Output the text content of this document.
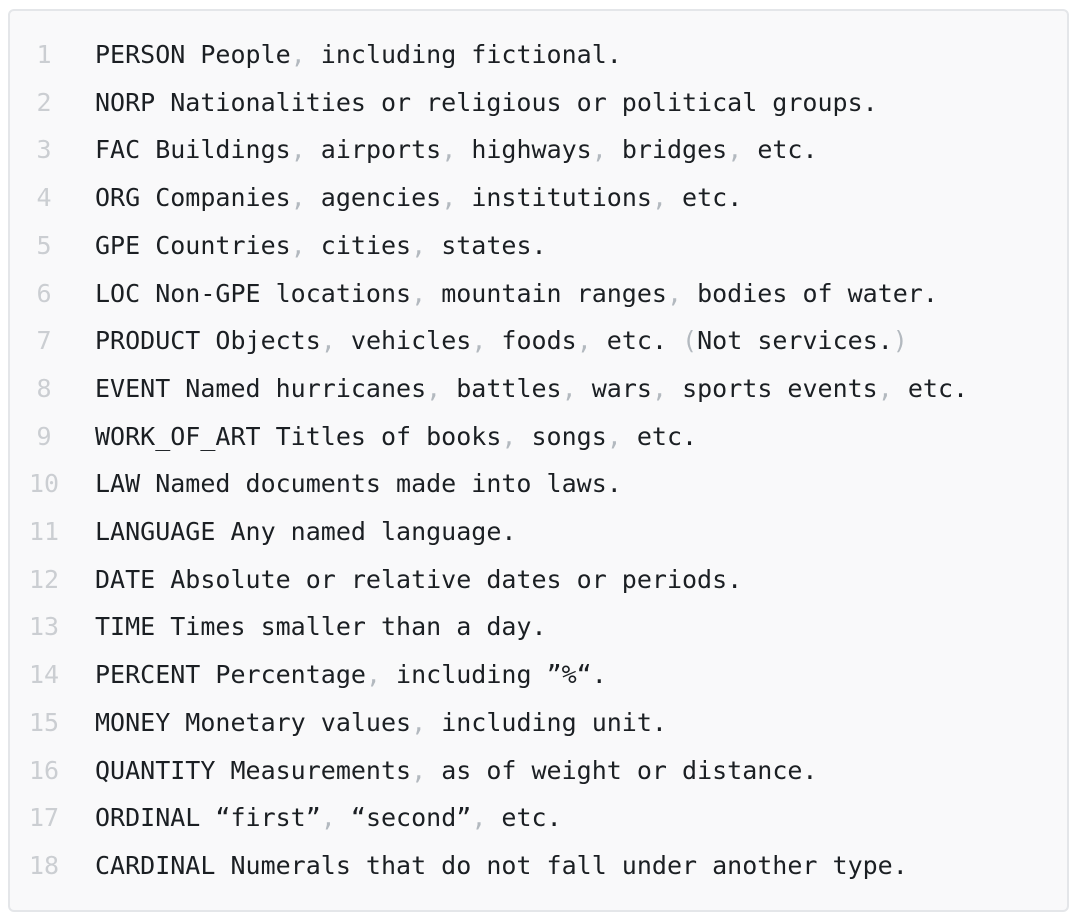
1	PERSON People, including fictional.
2	NORP Nationalities or religious or political groups.
3	FAC Buildings, airports, highways, bridges, etc.
4	ORG Companies, agencies, institutions, etc.
5	GPE Countries, cities, states.
6	LOC Non-GPE locations, mountain ranges, bodies of water.
7	PRODUCT Objects, vehicles, foods, etc. (Not services.)
8	EVENT Named hurricanes, battles, wars, sports events, etc.
9	WORK_OF_ART Titles of books, songs, etc.
10 LAW Named documents made into laws.
11 LANGUAGE Any named language.
12 DATE Absolute or relative dates or periods.
13 TIME Times smaller than a day.
14 PERCENT Percentage, including ”%“.
15 MONEY Monetary values, including unit.
16 QUANTITY Measurements, as of weight or distance.
17 ORDINAL “first”, “second”, etc.
18 CARDINAL Numerals that do not fall under another type.
